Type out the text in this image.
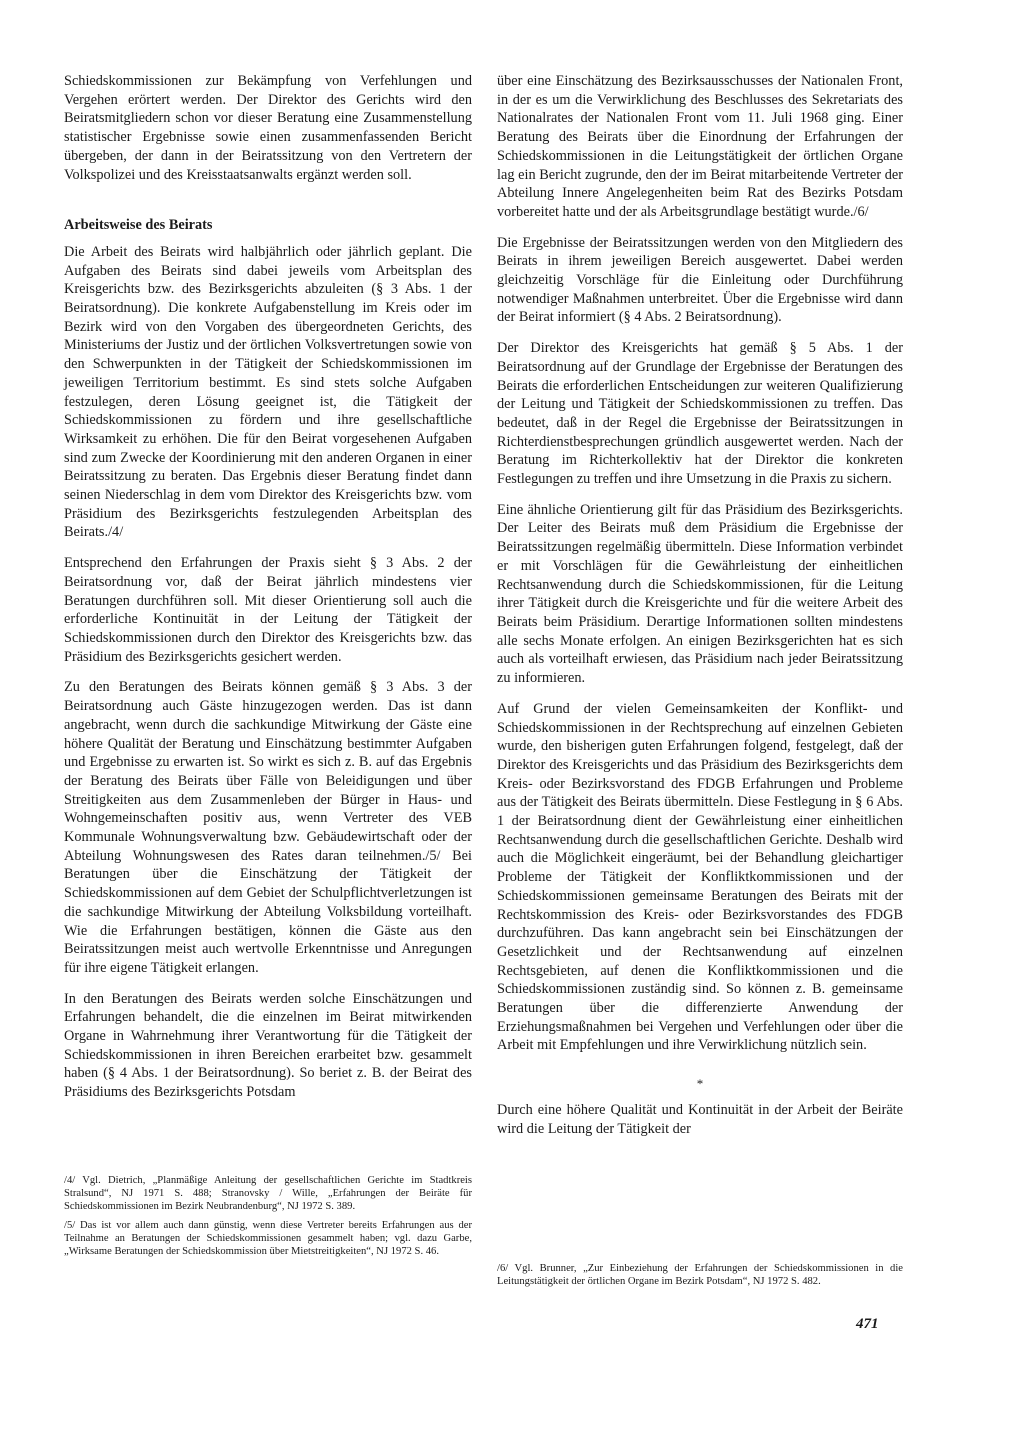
Schiedskommissionen zur Bekämpfung von Verfehlungen und Vergehen erörtert werden. Der Direktor des Gerichts wird den Beiratsmitgliedern schon vor dieser Beratung eine Zusammenstellung statistischer Ergebnisse sowie einen zusammenfassenden Bericht übergeben, der dann in der Beiratssitzung von den Vertretern der Volkspolizei und des Kreisstaatsanwalts ergänzt werden soll.

Arbeitsweise des Beirats

Die Arbeit des Beirats wird halbjährlich oder jährlich geplant. Die Aufgaben des Beirats sind dabei jeweils vom Arbeitsplan des Kreisgerichts bzw. des Bezirksgerichts abzuleiten (§ 3 Abs. 1 der Beiratsordnung). Die konkrete Aufgabenstellung im Kreis oder im Bezirk wird von den Vorgaben des übergeordneten Gerichts, des Ministeriums der Justiz und der örtlichen Volksvertretungen sowie von den Schwerpunkten in der Tätigkeit der Schiedskommissionen im jeweiligen Territorium bestimmt. Es sind stets solche Aufgaben festzulegen, deren Lösung geeignet ist, die Tätigkeit der Schiedskommissionen zu fördern und ihre gesellschaftliche Wirksamkeit zu erhöhen. Die für den Beirat vorgesehenen Aufgaben sind zum Zwecke der Koordinierung mit den anderen Organen in einer Beiratssitzung zu beraten. Das Ergebnis dieser Beratung findet dann seinen Niederschlag in dem vom Direktor des Kreisgerichts bzw. vom Präsidium des Bezirksgerichts festzulegenden Arbeitsplan des Beirats./4/

Entsprechend den Erfahrungen der Praxis sieht § 3 Abs. 2 der Beiratsordnung vor, daß der Beirat jährlich mindestens vier Beratungen durchführen soll. Mit dieser Orientierung soll auch die erforderliche Kontinuität in der Leitung der Tätigkeit der Schiedskommissionen durch den Direktor des Kreisgerichts bzw. das Präsidium des Bezirksgerichts gesichert werden.

Zu den Beratungen des Beirats können gemäß § 3 Abs. 3 der Beiratsordnung auch Gäste hinzugezogen werden. Das ist dann angebracht, wenn durch die sachkundige Mitwirkung der Gäste eine höhere Qualität der Beratung und Einschätzung bestimmter Aufgaben und Ergebnisse zu erwarten ist. So wirkt es sich z. B. auf das Ergebnis der Beratung des Beirats über Fälle von Beleidigungen und über Streitigkeiten aus dem Zusammenleben der Bürger in Haus- und Wohngemeinschaften positiv aus, wenn Vertreter des VEB Kommunale Wohnungsverwaltung bzw. Gebäudewirtschaft oder der Abteilung Wohnungswesen des Rates daran teilnehmen./5/ Bei Beratungen über die Einschätzung der Tätigkeit der Schiedskommissionen auf dem Gebiet der Schulpflichtverletzungen ist die sachkundige Mitwirkung der Abteilung Volksbildung vorteilhaft. Wie die Erfahrungen bestätigen, können die Gäste aus den Beiratssitzungen meist auch wertvolle Erkenntnisse und Anregungen für ihre eigene Tätigkeit erlangen.

In den Beratungen des Beirats werden solche Einschätzungen und Erfahrungen behandelt, die die einzelnen im Beirat mitwirkenden Organe in Wahrnehmung ihrer Verantwortung für die Tätigkeit der Schiedskommissionen in ihren Bereichen erarbeitet bzw. gesammelt haben (§ 4 Abs. 1 der Beiratsordnung). So beriet z. B. der Beirat des Präsidiums des Bezirksgerichts Potsdam

/4/ Vgl. Dietrich, „Planmäßige Anleitung der gesellschaftlichen Gerichte im Stadtkreis Stralsund“, NJ 1971 S. 488; Stranovsky / Wille, „Erfahrungen der Beiräte für Schiedskommissionen im Bezirk Neubrandenburg“, NJ 1972 S. 389.

/5/ Das ist vor allem auch dann günstig, wenn diese Vertreter bereits Erfahrungen aus der Teilnahme an Beratungen der Schiedskommissionen gesammelt haben; vgl. dazu Garbe, „Wirksame Beratungen der Schiedskommission über Mietstreitigkeiten“, NJ 1972 S. 46.

über eine Einschätzung des Bezirksausschusses der Nationalen Front, in der es um die Verwirklichung des Beschlusses des Sekretariats des Nationalrates der Nationalen Front vom 11. Juli 1968 ging. Einer Beratung des Beirats über die Einordnung der Erfahrungen der Schiedskommissionen in die Leitungstätigkeit der örtlichen Organe lag ein Bericht zugrunde, den der im Beirat mitarbeitende Vertreter der Abteilung Innere Angelegenheiten beim Rat des Bezirks Potsdam vorbereitet hatte und der als Arbeitsgrundlage bestätigt wurde./6/

Die Ergebnisse der Beiratssitzungen werden von den Mitgliedern des Beirats in ihrem jeweiligen Bereich ausgewertet. Dabei werden gleichzeitig Vorschläge für die Einleitung oder Durchführung notwendiger Maßnahmen unterbreitet. Über die Ergebnisse wird dann der Beirat informiert (§ 4 Abs. 2 Beiratsordnung).

Der Direktor des Kreisgerichts hat gemäß § 5 Abs. 1 der Beiratsordnung auf der Grundlage der Ergebnisse der Beratungen des Beirats die erforderlichen Entscheidungen zur weiteren Qualifizierung der Leitung und Tätigkeit der Schiedskommissionen zu treffen. Das bedeutet, daß in der Regel die Ergebnisse der Beiratssitzungen in Richterdienstbesprechungen gründlich ausgewertet werden. Nach der Beratung im Richterkollektiv hat der Direktor die konkreten Festlegungen zu treffen und ihre Umsetzung in die Praxis zu sichern.

Eine ähnliche Orientierung gilt für das Präsidium des Bezirksgerichts. Der Leiter des Beirats muß dem Präsidium die Ergebnisse der Beiratssitzungen regelmäßig übermitteln. Diese Information verbindet er mit Vorschlägen für die Gewährleistung der einheitlichen Rechtsanwendung durch die Schiedskommissionen, für die Leitung ihrer Tätigkeit durch die Kreisgerichte und für die weitere Arbeit des Beirats beim Präsidium. Derartige Informationen sollten mindestens alle sechs Monate erfolgen. An einigen Bezirksgerichten hat es sich auch als vorteilhaft erwiesen, das Präsidium nach jeder Beiratssitzung zu informieren.

Auf Grund der vielen Gemeinsamkeiten der Konflikt- und Schiedskommissionen in der Rechtsprechung auf einzelnen Gebieten wurde, den bisherigen guten Erfahrungen folgend, festgelegt, daß der Direktor des Kreisgerichts und das Präsidium des Bezirksgerichts dem Kreis- oder Bezirksvorstand des FDGB Erfahrungen und Probleme aus der Tätigkeit des Beirats übermitteln. Diese Festlegung in § 6 Abs. 1 der Beiratsordnung dient der Gewährleistung einer einheitlichen Rechtsanwendung durch die gesellschaftlichen Gerichte. Deshalb wird auch die Möglichkeit eingeräumt, bei der Behandlung gleichartiger Probleme der Tätigkeit der Konfliktkommissionen und der Schiedskommissionen gemeinsame Beratungen des Beirats mit der Rechtskommission des Kreis- oder Bezirksvorstandes des FDGB durchzuführen. Das kann angebracht sein bei Einschätzungen der Gesetzlichkeit und der Rechtsanwendung auf einzelnen Rechtsgebieten, auf denen die Konfliktkommissionen und die Schiedskommissionen zuständig sind. So können z. B. gemeinsame Beratungen über die differenzierte Anwendung der Erziehungsmaßnahmen bei Vergehen und Verfehlungen oder über die Arbeit mit Empfehlungen und ihre Verwirklichung nützlich sein.

*

Durch eine höhere Qualität und Kontinuität in der Arbeit der Beiräte wird die Leitung der Tätigkeit der

/6/ Vgl. Brunner, „Zur Einbeziehung der Erfahrungen der Schiedskommissionen in die Leitungstätigkeit der örtlichen Organe im Bezirk Potsdam“, NJ 1972 S. 482.

471
